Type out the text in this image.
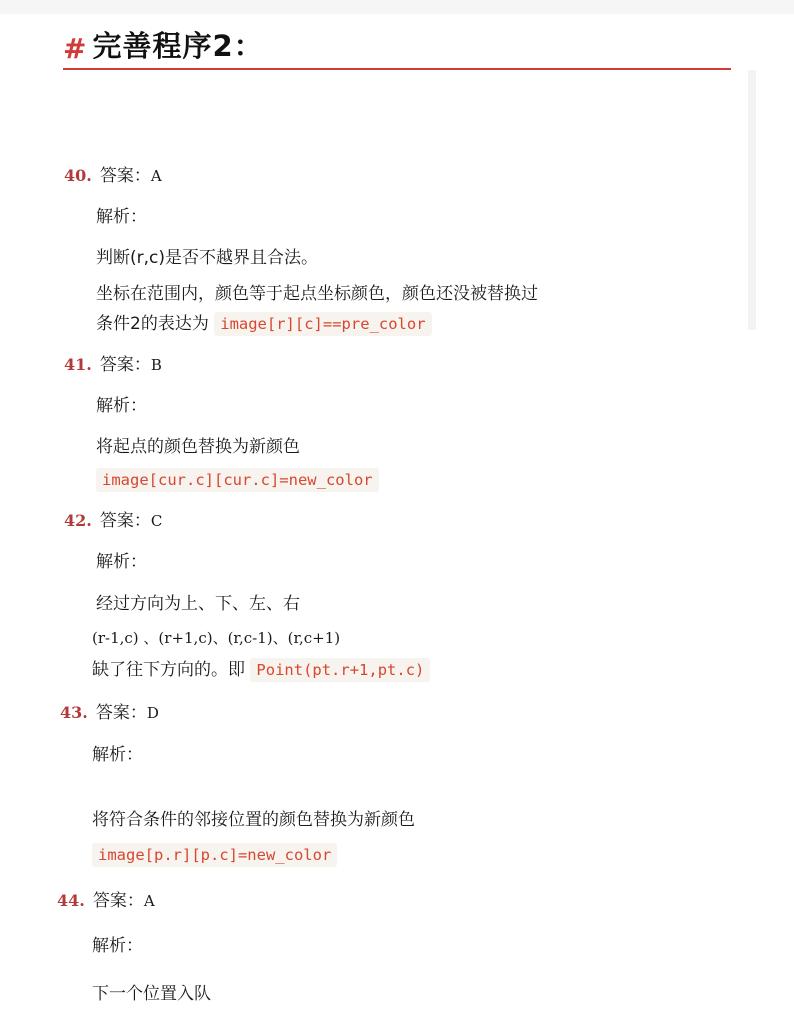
# 完善程序2：
40. 答案：A
解析：
判断(r,c)是否不越界且合法。
坐标在范围内，颜色等于起点坐标颜色，颜色还没被替换过
条件2的表达为 image[r][c]==pre_color
41. 答案：B
解析：
将起点的颜色替换为新颜色
image[cur.c][cur.c]=new_color
42. 答案：C
解析：
经过方向为上、下、左、右
(r-1,c) 、(r+1,c)、(r,c-1)、(r,c+1)
缺了往下方向的。即 Point(pt.r+1,pt.c)
43. 答案：D
解析：
将符合条件的邻接位置的颜色替换为新颜色
image[p.r][p.c]=new_color
44. 答案：A
解析：
下一个位置入队
